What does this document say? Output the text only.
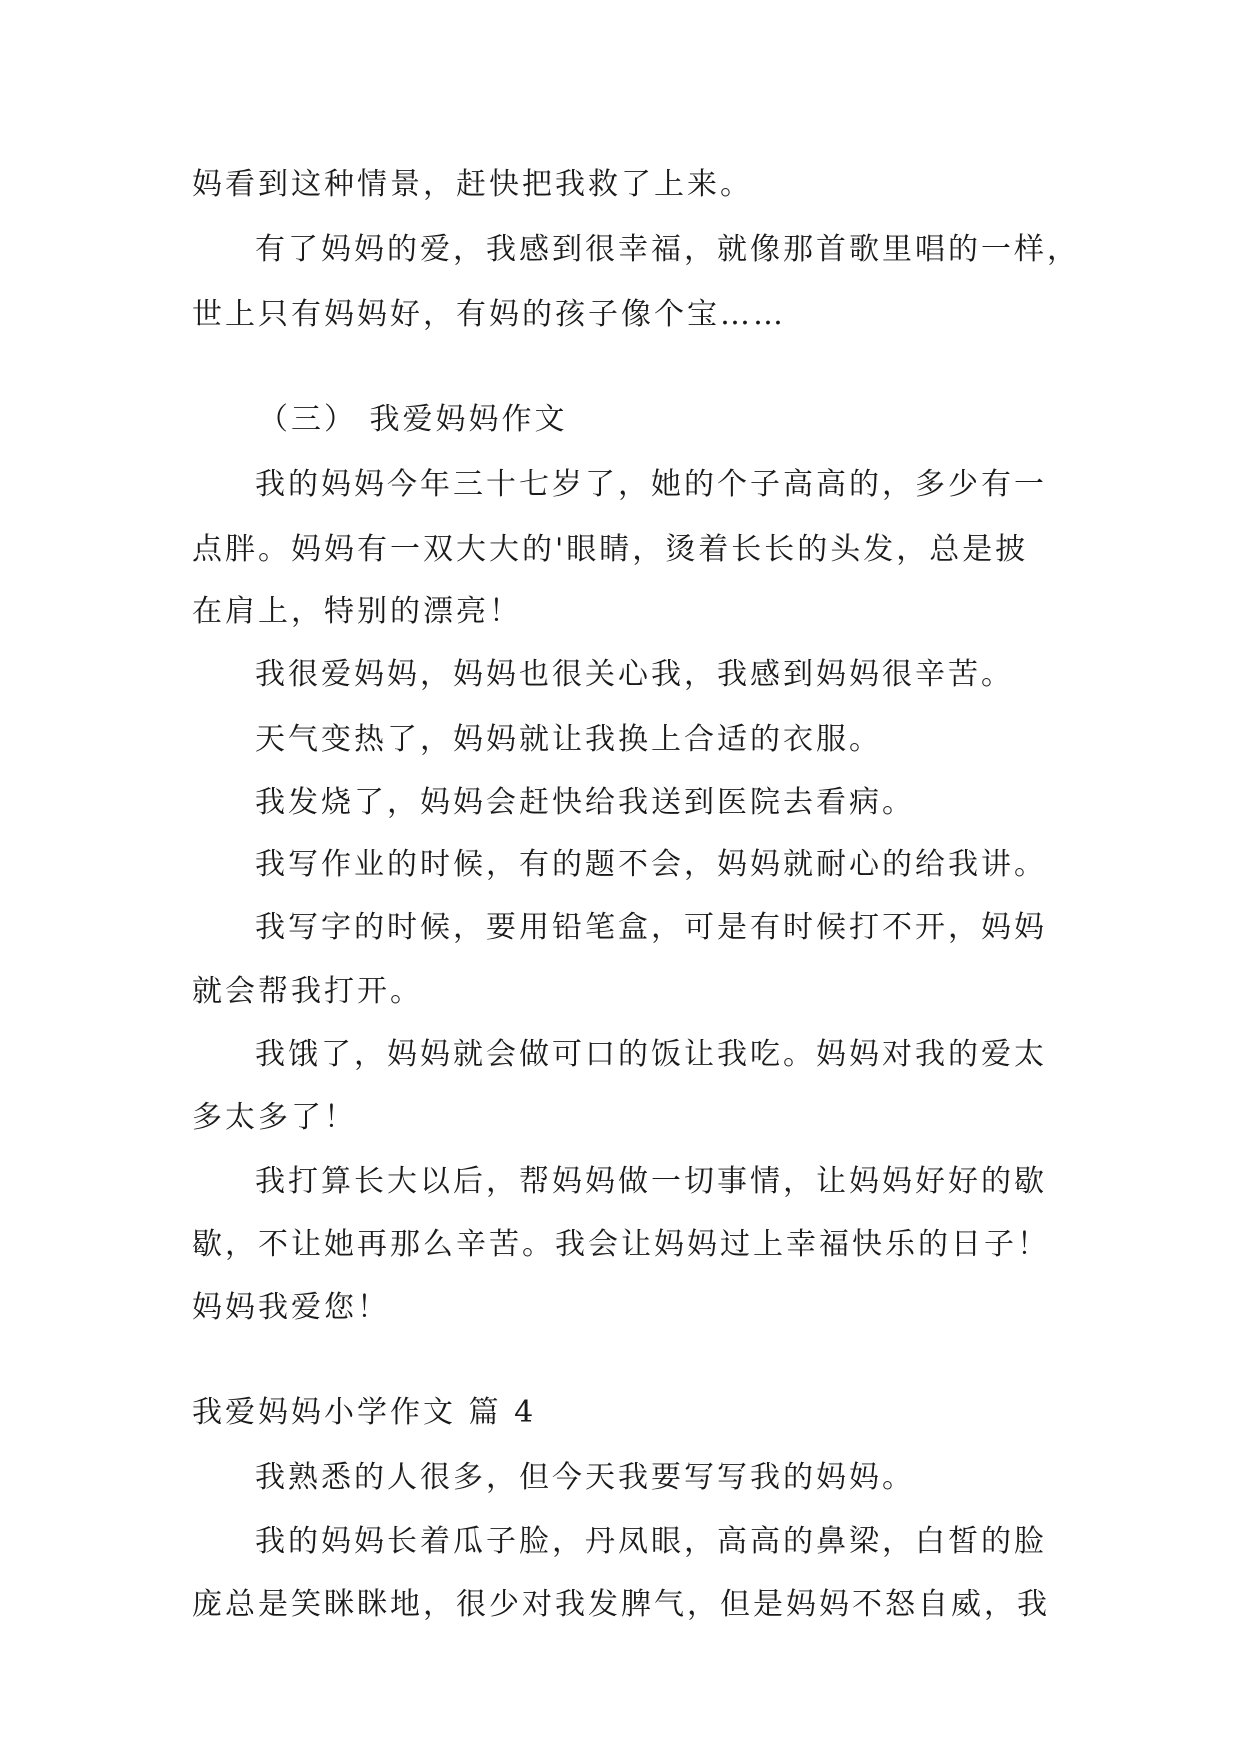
妈看到这种情景，赶快把我救了上来。
有了妈妈的爱，我感到很幸福，就像那首歌里唱的一样，
世上只有妈妈好，有妈的孩子像个宝……
（三） 我爱妈妈作文
我的妈妈今年三十七岁了，她的个子高高的，多少有一
点胖。妈妈有一双大大的'眼睛，烫着长长的头发，总是披
在肩上，特别的漂亮！
我很爱妈妈，妈妈也很关心我，我感到妈妈很辛苦。
天气变热了，妈妈就让我换上合适的衣服。
我发烧了，妈妈会赶快给我送到医院去看病。
我写作业的时候，有的题不会，妈妈就耐心的给我讲。
我写字的时候，要用铅笔盒，可是有时候打不开，妈妈
就会帮我打开。
我饿了，妈妈就会做可口的饭让我吃。妈妈对我的爱太
多太多了！
我打算长大以后，帮妈妈做一切事情，让妈妈好好的歇
歇，不让她再那么辛苦。我会让妈妈过上幸福快乐的日子！
妈妈我爱您！
我爱妈妈小学作文 篇 4
我熟悉的人很多，但今天我要写写我的妈妈。
我的妈妈长着瓜子脸，丹凤眼，高高的鼻梁，白皙的脸
庞总是笑眯眯地，很少对我发脾气，但是妈妈不怒自威，我
